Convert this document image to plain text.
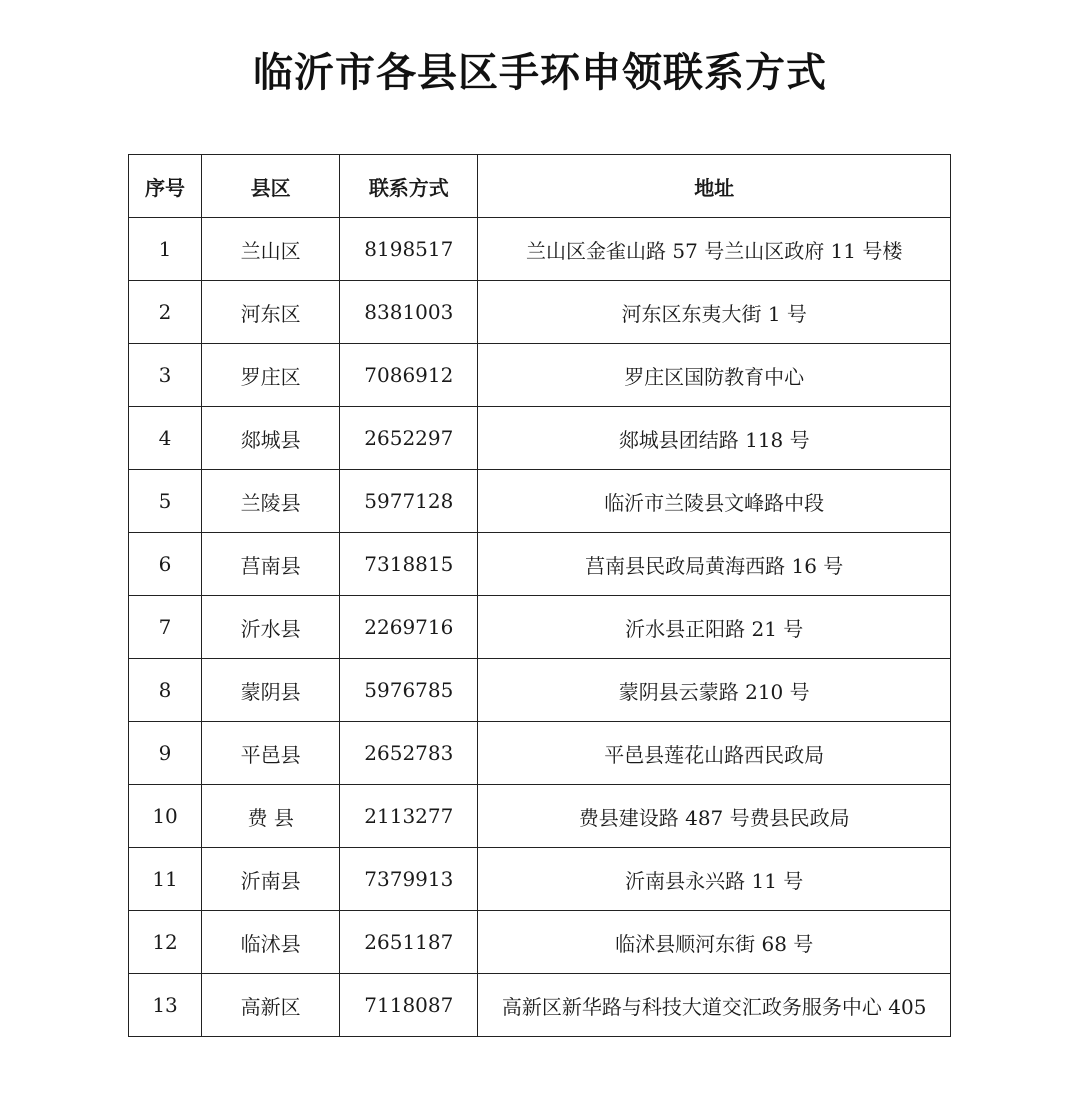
临沂市各县区手环申领联系方式
序号	县区	联系方式	地址
1	兰山区	8198517	兰山区金雀山路 57 号兰山区政府 11 号楼
2	河东区	8381003	河东区东夷大街 1 号
3	罗庄区	7086912	罗庄区国防教育中心
4	郯城县	2652297	郯城县团结路 118 号
5	兰陵县	5977128	临沂市兰陵县文峰路中段
6	莒南县	7318815	莒南县民政局黄海西路 16 号
7	沂水县	2269716	沂水县正阳路 21 号
8	蒙阴县	5976785	蒙阴县云蒙路 210 号
9	平邑县	2652783	平邑县莲花山路西民政局
10	费 县	2113277	费县建设路 487 号费县民政局
11	沂南县	7379913	沂南县永兴路 11 号
12	临沭县	2651187	临沭县顺河东街 68 号
13	高新区	7118087	高新区新华路与科技大道交汇政务服务中心 405
